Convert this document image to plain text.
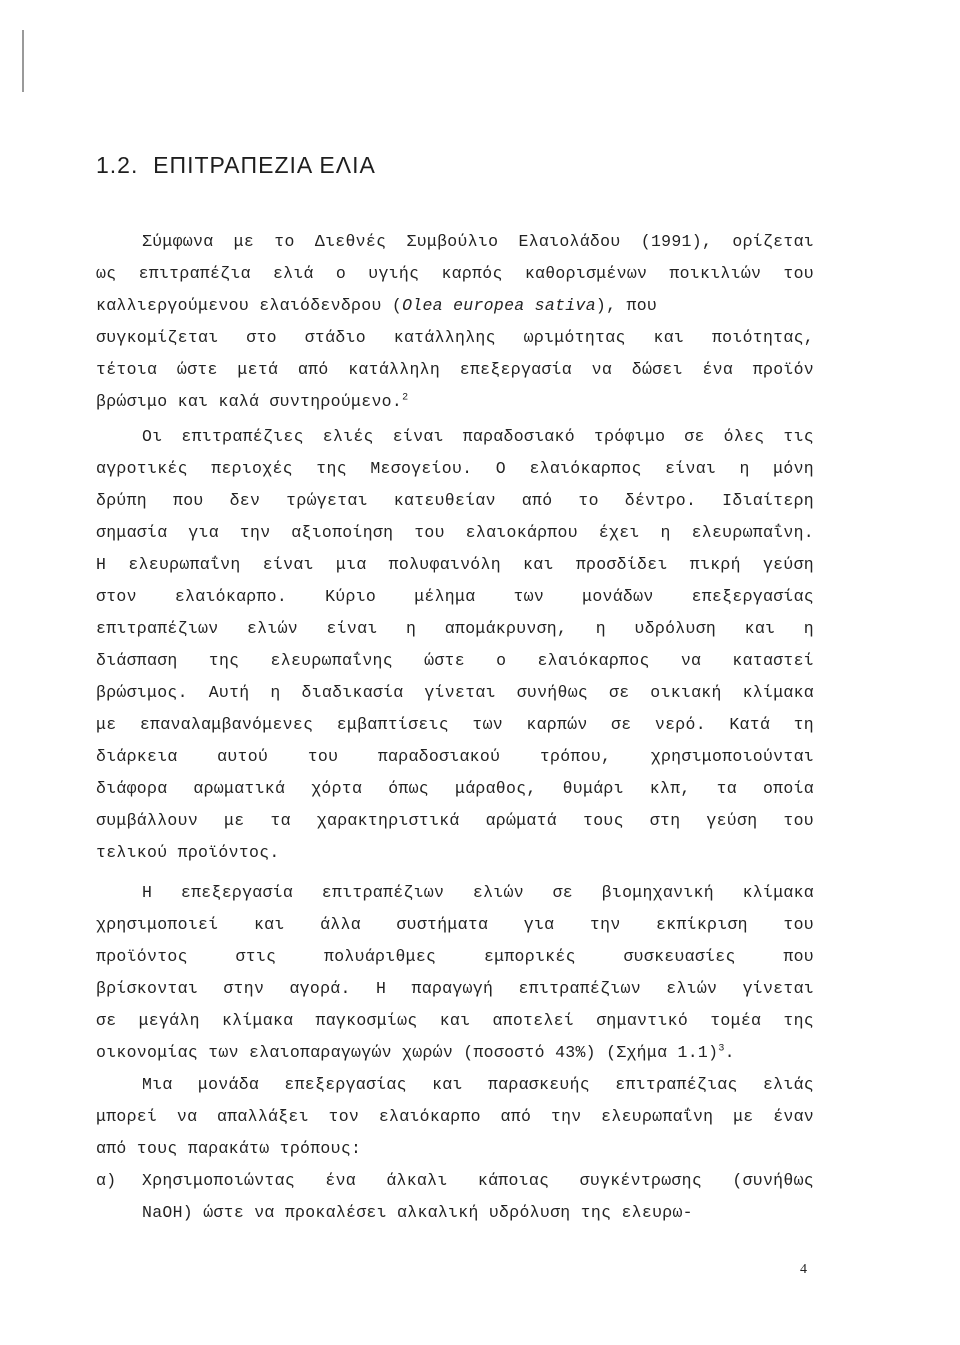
1.2. ΕΠΙΤΡΑΠΕΖΙΑ ΕΛΙΑ
Σύμφωνα με το Διεθνές Συμβούλιο Ελαιολάδου (1991), ορίζεται
ως επιτραπέζια ελιά ο υγιής καρπός καθορισμένων ποικιλιών του
καλλιεργούμενου ελαιόδενδρου (Olea europea sativa), που
συγκομίζεται στο στάδιο κατάλληλης ωριμότητας και ποιότητας,
τέτοια ώστε μετά από κατάλληλη επεξεργασία να δώσει ένα προϊόν
βρώσιμο και καλά συντηρούμενο.$^2$
Οι επιτραπέζιες ελιές είναι παραδοσιακό τρόφιμο σε όλες τις
αγροτικές περιοχές της Μεσογείου. Ο ελαιόκαρπος είναι η μόνη
δρύπη που δεν τρώγεται κατευθείαν από το δέντρο. Ιδιαίτερη
σημασία για την αξιοποίηση του ελαιοκάρπου έχει η ελευρωπαΐνη.
Η ελευρωπαΐνη είναι μια πολυφαινόλη και προσδίδει πικρή γεύση
στον ελαιόκαρπο. Κύριο μέλημα των μονάδων επεξεργασίας
επιτραπέζιων ελιών είναι η απομάκρυνση, η υδρόλυση και η
διάσπαση της ελευρωπαΐνης ώστε ο ελαιόκαρπος να καταστεί
βρώσιμος. Αυτή η διαδικασία γίνεται συνήθως σε οικιακή κλίμακα
με επαναλαμβανόμενες εμβαπτίσεις των καρπών σε νερό. Κατά τη
διάρκεια αυτού του παραδοσιακού τρόπου, χρησιμοποιούνται
διάφορα αρωματικά χόρτα όπως μάραθος, θυμάρι κλπ, τα οποία
συμβάλλουν με τα χαρακτηριστικά αρώματά τους στη γεύση του
τελικού προϊόντος.
Η επεξεργασία επιτραπέζιων ελιών σε βιομηχανική κλίμακα
χρησιμοποιεί και άλλα συστήματα για την εκπίκριση του
προϊόντος στις πολυάριθμες εμπορικές συσκευασίες που
βρίσκονται στην αγορά. Η παραγωγή επιτραπέζιων ελιών γίνεται
σε μεγάλη κλίμακα παγκοσμίως και αποτελεί σημαντικό τομέα της
οικονομίας των ελαιοπαραγωγών χωρών (ποσοστό 43%) (Σχήμα 1.1)$^3$.
Μια μονάδα επεξεργασίας και παρασκευής επιτραπέζιας ελιάς
μπορεί να απαλλάξει τον ελαιόκαρπο από την ελευρωπαΐνη με έναν
από τους παρακάτω τρόπους:
α) Χρησιμοποιώντας ένα άλκαλι κάποιας συγκέντρωσης (συνήθως
NaOH) ώστε να προκαλέσει αλκαλική υδρόλυση της ελευρω-
4
